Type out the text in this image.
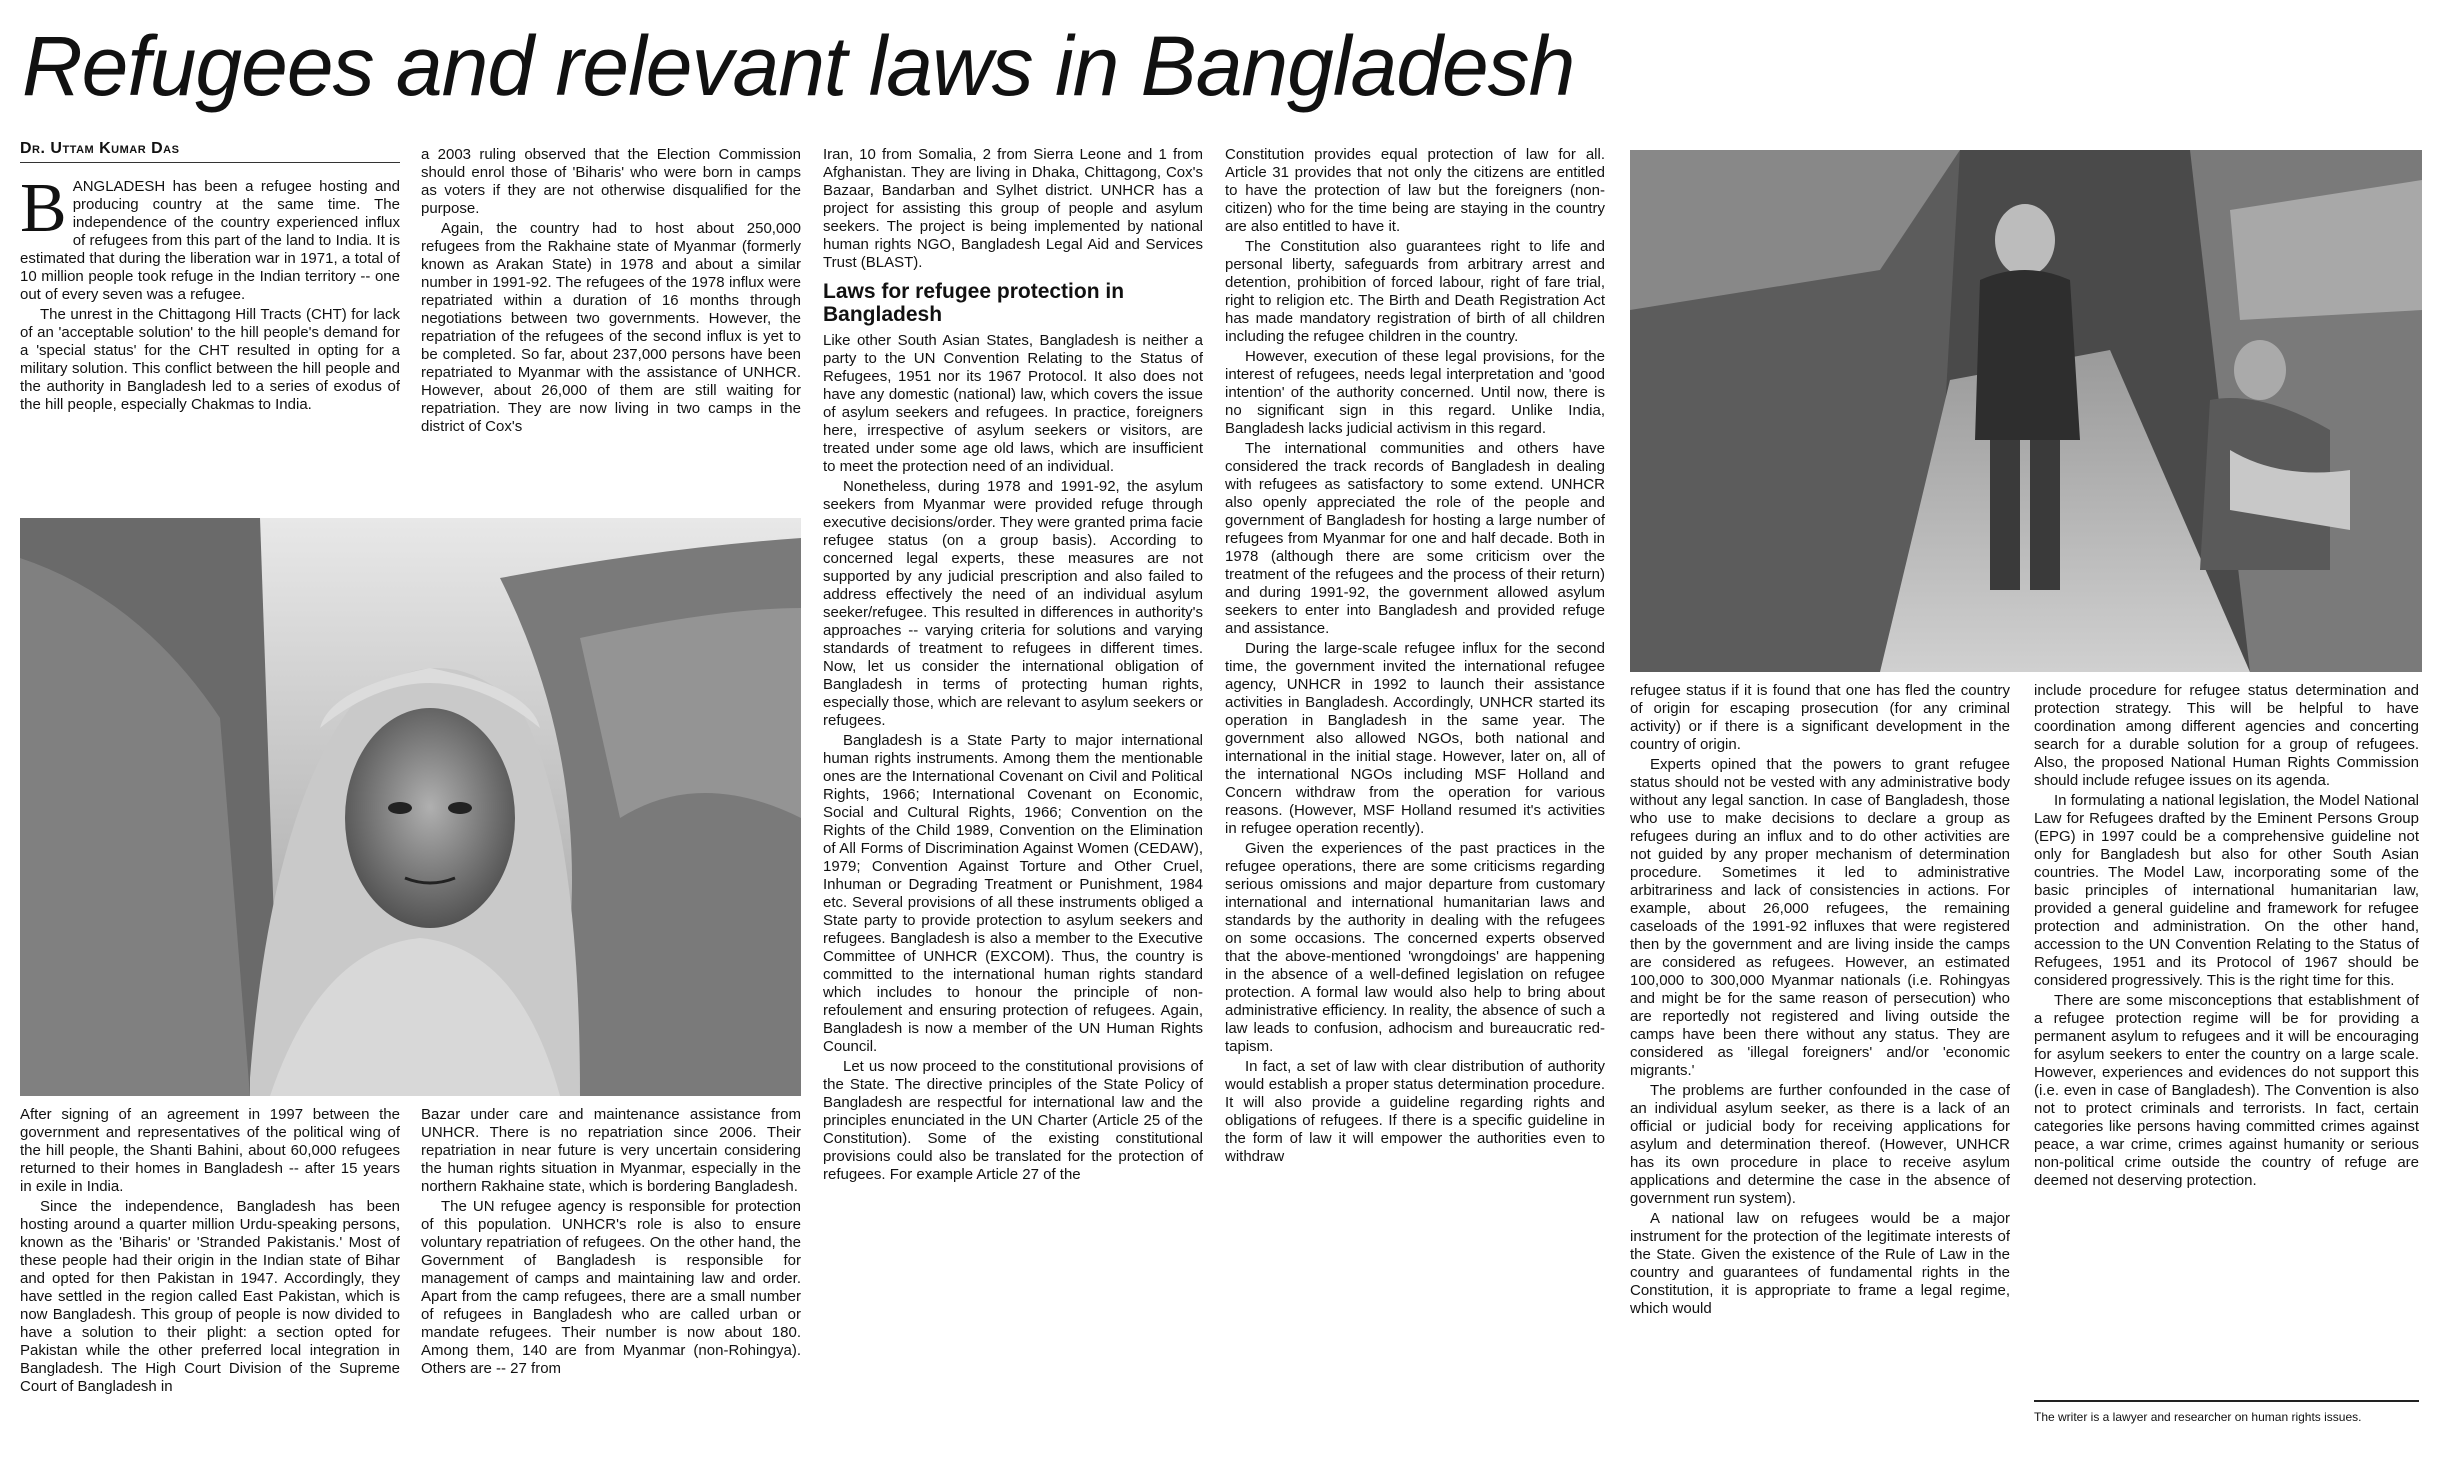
Refugees and relevant laws in Bangladesh
Dr. Uttam Kumar Das

BANGLADESH has been a refugee hosting and producing country at the same time. The independence of the country experienced influx of refugees from this part of the land to India. It is estimated that during the liberation war in 1971, a total of 10 million people took refuge in the Indian territory -- one out of every seven was a refugee.

The unrest in the Chittagong Hill Tracts (CHT) for lack of an 'acceptable solution' to the hill people's demand for a 'special status' for the CHT resulted in opting for a military solution. This conflict between the hill people and the authority in Bangladesh led to a series of exodus of the hill people, especially Chakmas to India.

a 2003 ruling observed that the Election Commission should enrol those of 'Biharis' who were born in camps as voters if they are not otherwise disqualified for the purpose.

Again, the country had to host about 250,000 refugees from the Rakhaine state of Myanmar (formerly known as Arakan State) in 1978 and about a similar number in 1991-92. The refugees of the 1978 influx were repatriated within a duration of 16 months through negotiations between two governments. However, the repatriation of the refugees of the second influx is yet to be completed. So far, about 237,000 persons have been repatriated to Myanmar with the assistance of UNHCR. However, about 26,000 of them are still waiting for repatriation. They are now living in two camps in the district of Cox's

After signing of an agreement in 1997 between the government and representatives of the political wing of the hill people, the Shanti Bahini, about 60,000 refugees returned to their homes in Bangladesh -- after 15 years in exile in India.

Since the independence, Bangladesh has been hosting around a quarter million Urdu-speaking persons, known as the 'Biharis' or 'Stranded Pakistanis.' Most of these people had their origin in the Indian state of Bihar and opted for then Pakistan in 1947. Accordingly, they have settled in the region called East Pakistan, which is now Bangladesh. This group of people is now divided to have a solution to their plight: a section opted for Pakistan while the other preferred local integration in Bangladesh. The High Court Division of the Supreme Court of Bangladesh in

Bazar under care and maintenance assistance from UNHCR. There is no repatriation since 2006. Their repatriation in near future is very uncertain considering the human rights situation in Myanmar, especially in the northern Rakhaine state, which is bordering Bangladesh.

The UN refugee agency is responsible for protection of this population. UNHCR's role is also to ensure voluntary repatriation of refugees. On the other hand, the Government of Bangladesh is responsible for management of camps and maintaining law and order. Apart from the camp refugees, there are a small number of refugees in Bangladesh who are called urban or mandate refugees. Their number is now about 180. Among them, 140 are from Myanmar (non-Rohingya). Others are -- 27 from

Iran, 10 from Somalia, 2 from Sierra Leone and 1 from Afghanistan. They are living in Dhaka, Chittagong, Cox's Bazaar, Bandarban and Sylhet district. UNHCR has a project for assisting this group of people and asylum seekers. The project is being implemented by national human rights NGO, Bangladesh Legal Aid and Services Trust (BLAST).

Laws for refugee protection in Bangladesh

Like other South Asian States, Bangladesh is neither a party to the UN Convention Relating to the Status of Refugees, 1951 nor its 1967 Protocol. It also does not have any domestic (national) law, which covers the issue of asylum seekers and refugees. In practice, foreigners here, irrespective of asylum seekers or visitors, are treated under some age old laws, which are insufficient to meet the protection need of an individual.

Nonetheless, during 1978 and 1991-92, the asylum seekers from Myanmar were provided refuge through executive decisions/order. They were granted prima facie refugee status (on a group basis). According to concerned legal experts, these measures are not supported by any judicial prescription and also failed to address effectively the need of an individual asylum seeker/refugee. This resulted in differences in authority's approaches -- varying criteria for solutions and varying standards of treatment to refugees in different times. Now, let us consider the international obligation of Bangladesh in terms of protecting human rights, especially those, which are relevant to asylum seekers or refugees.

Bangladesh is a State Party to major international human rights instruments. Among them the mentionable ones are the International Covenant on Civil and Political Rights, 1966; International Covenant on Economic, Social and Cultural Rights, 1966; Convention on the Rights of the Child 1989, Convention on the Elimination of All Forms of Discrimination Against Women (CEDAW), 1979; Convention Against Torture and Other Cruel, Inhuman or Degrading Treatment or Punishment, 1984 etc. Several provisions of all these instruments obliged a State party to provide protection to asylum seekers and refugees. Bangladesh is also a member to the Executive Committee of UNHCR (EXCOM). Thus, the country is committed to the international human rights standard which includes to honour the principle of non-refoulement and ensuring protection of refugees. Again, Bangladesh is now a member of the UN Human Rights Council.

Let us now proceed to the constitutional provisions of the State. The directive principles of the State Policy of Bangladesh are respectful for international law and the principles enunciated in the UN Charter (Article 25 of the Constitution). Some of the existing constitutional provisions could also be translated for the protection of refugees. For example Article 27 of the

Constitution provides equal protection of law for all. Article 31 provides that not only the citizens are entitled to have the protection of law but the foreigners (non-citizen) who for the time being are staying in the country are also entitled to have it.

The Constitution also guarantees right to life and personal liberty, safeguards from arbitrary arrest and detention, prohibition of forced labour, right of fare trial, right to religion etc. The Birth and Death Registration Act has made mandatory registration of birth of all children including the refugee children in the country.

However, execution of these legal provisions, for the interest of refugees, needs legal interpretation and 'good intention' of the authority concerned. Until now, there is no significant sign in this regard. Unlike India, Bangladesh lacks judicial activism in this regard.

The international communities and others have considered the track records of Bangladesh in dealing with refugees as satisfactory to some extend. UNHCR also openly appreciated the role of the people and government of Bangladesh for hosting a large number of refugees from Myanmar for one and half decade. Both in 1978 (although there are some criticism over the treatment of the refugees and the process of their return) and during 1991-92, the government allowed asylum seekers to enter into Bangladesh and provided refuge and assistance.

During the large-scale refugee influx for the second time, the government invited the international refugee agency, UNHCR in 1992 to launch their assistance activities in Bangladesh. Accordingly, UNHCR started its operation in Bangladesh in the same year. The government also allowed NGOs, both national and international in the initial stage. However, later on, all of the international NGOs including MSF Holland and Concern withdraw from the operation for various reasons. (However, MSF Holland resumed it's activities in refugee operation recently).

Given the experiences of the past practices in the refugee operations, there are some criticisms regarding serious omissions and major departure from customary international and international humanitarian laws and standards by the authority in dealing with the refugees on some occasions. The concerned experts observed that the above-mentioned 'wrongdoings' are happening in the absence of a well-defined legislation on refugee protection. A formal law would also help to bring about administrative efficiency. In reality, the absence of such a law leads to confusion, adhocism and bureaucratic red-tapism.

In fact, a set of law with clear distribution of authority would establish a proper status determination procedure. It will also provide a guideline regarding rights and obligations of refugees. If there is a specific guideline in the form of law it will empower the authorities even to withdraw

refugee status if it is found that one has fled the country of origin for escaping prosecution (for any criminal activity) or if there is a significant development in the country of origin.

Experts opined that the powers to grant refugee status should not be vested with any administrative body without any legal sanction. In case of Bangladesh, those who use to make decisions to declare a group as refugees during an influx and to do other activities are not guided by any proper mechanism of determination procedure. Sometimes it led to administrative arbitrariness and lack of consistencies in actions. For example, about 26,000 refugees, the remaining caseloads of the 1991-92 influxes that were registered then by the government and are living inside the camps are considered as refugees. However, an estimated 100,000 to 300,000 Myanmar nationals (i.e. Rohingyas and might be for the same reason of persecution) who are reportedly not registered and living outside the camps have been there without any status. They are considered as 'illegal foreigners' and/or 'economic migrants.'

The problems are further confounded in the case of an individual asylum seeker, as there is a lack of an official or judicial body for receiving applications for asylum and determination thereof. (However, UNHCR has its own procedure in place to receive asylum applications and determine the case in the absence of government run system).

A national law on refugees would be a major instrument for the protection of the legitimate interests of the State. Given the existence of the Rule of Law in the country and guarantees of fundamental rights in the Constitution, it is appropriate to frame a legal regime, which would

include procedure for refugee status determination and protection strategy. This will be helpful to have coordination among different agencies and concerting search for a durable solution for a group of refugees. Also, the proposed National Human Rights Commission should include refugee issues on its agenda.

In formulating a national legislation, the Model National Law for Refugees drafted by the Eminent Persons Group (EPG) in 1997 could be a comprehensive guideline not only for Bangladesh but also for other South Asian countries. The Model Law, incorporating some of the basic principles of international humanitarian law, provided a general guideline and framework for refugee protection and administration. On the other hand, accession to the UN Convention Relating to the Status of Refugees, 1951 and its Protocol of 1967 should be considered progressively. This is the right time for this.

There are some misconceptions that establishment of a refugee protection regime will be for providing a permanent asylum to refugees and it will be encouraging for asylum seekers to enter the country on a large scale. However, experiences and evidences do not support this (i.e. even in case of Bangladesh). The Convention is also not to protect criminals and terrorists. In fact, certain categories like persons having committed crimes against peace, a war crime, crimes against humanity or serious non-political crime outside the country of refuge are deemed not deserving protection.

The writer is a lawyer and researcher on human rights issues.
